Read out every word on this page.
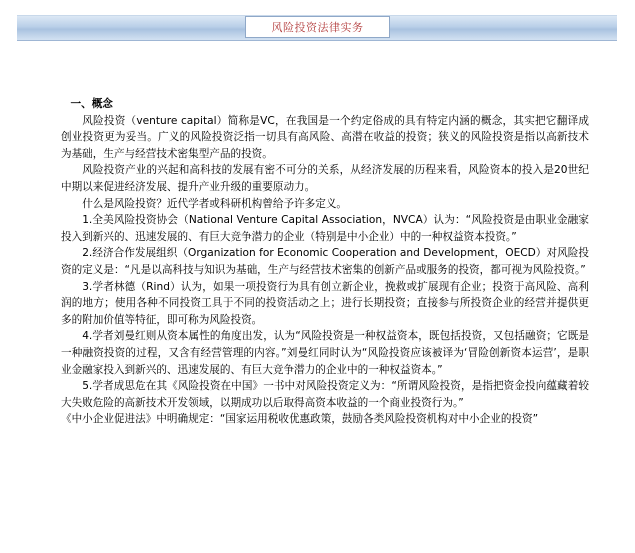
风险投资法律实务

一、概念

风险投资（venture capital）简称是VC，在我国是一个约定俗成的具有特定内涵的概念，其实把它翻译成创业投资更为妥当。广义的风险投资泛指一切具有高风险、高潜在收益的投资；狭义的风险投资是指以高新技术为基础，生产与经营技术密集型产品的投资。

风险投资产业的兴起和高科技的发展有密不可分的关系，从经济发展的历程来看，风险资本的投入是20世纪中期以来促进经济发展、提升产业升级的重要原动力。

什么是风险投资？近代学者或科研机构曾给予许多定义。

1.全美风险投资协会（National Venture Capital Association，NVCA）认为：“风险投资是由职业金融家投入到新兴的、迅速发展的、有巨大竞争潜力的企业（特别是中小企业）中的一种权益资本投资。”

2.经济合作发展组织（Organization for Economic Cooperation and Development，OECD）对风险投资的定义是：“凡是以高科技与知识为基础，生产与经营技术密集的创新产品或服务的投资，都可视为风险投资。”

3.学者林德（Rind）认为，如果一项投资行为具有创立新企业，挽救或扩展现有企业；投资于高风险、高利润的地方；使用各种不同投资工具于不同的投资活动之上；进行长期投资；直接参与所投资企业的经营并提供更多的附加价值等特征，即可称为风险投资。

4.学者刘曼红则从资本属性的角度出发，认为“风险投资是一种权益资本，既包括投资，又包括融资；它既是一种融资投资的过程，又含有经营管理的内容。”刘曼红同时认为“风险投资应该被译为‘冒险创新资本运营’，是职业金融家投入到新兴的、迅速发展的、有巨大竞争潜力的企业中的一种权益资本。”

5.学者成思危在其《风险投资在中国》一书中对风险投资定义为：“所谓风险投资，是指把资金投向蕴藏着较大失败危险的高新技术开发领域，以期成功以后取得高资本收益的一个商业投资行为。”

《中小企业促进法》中明确规定：“国家运用税收优惠政策，鼓励各类风险投资机构对中小企业的投资”
